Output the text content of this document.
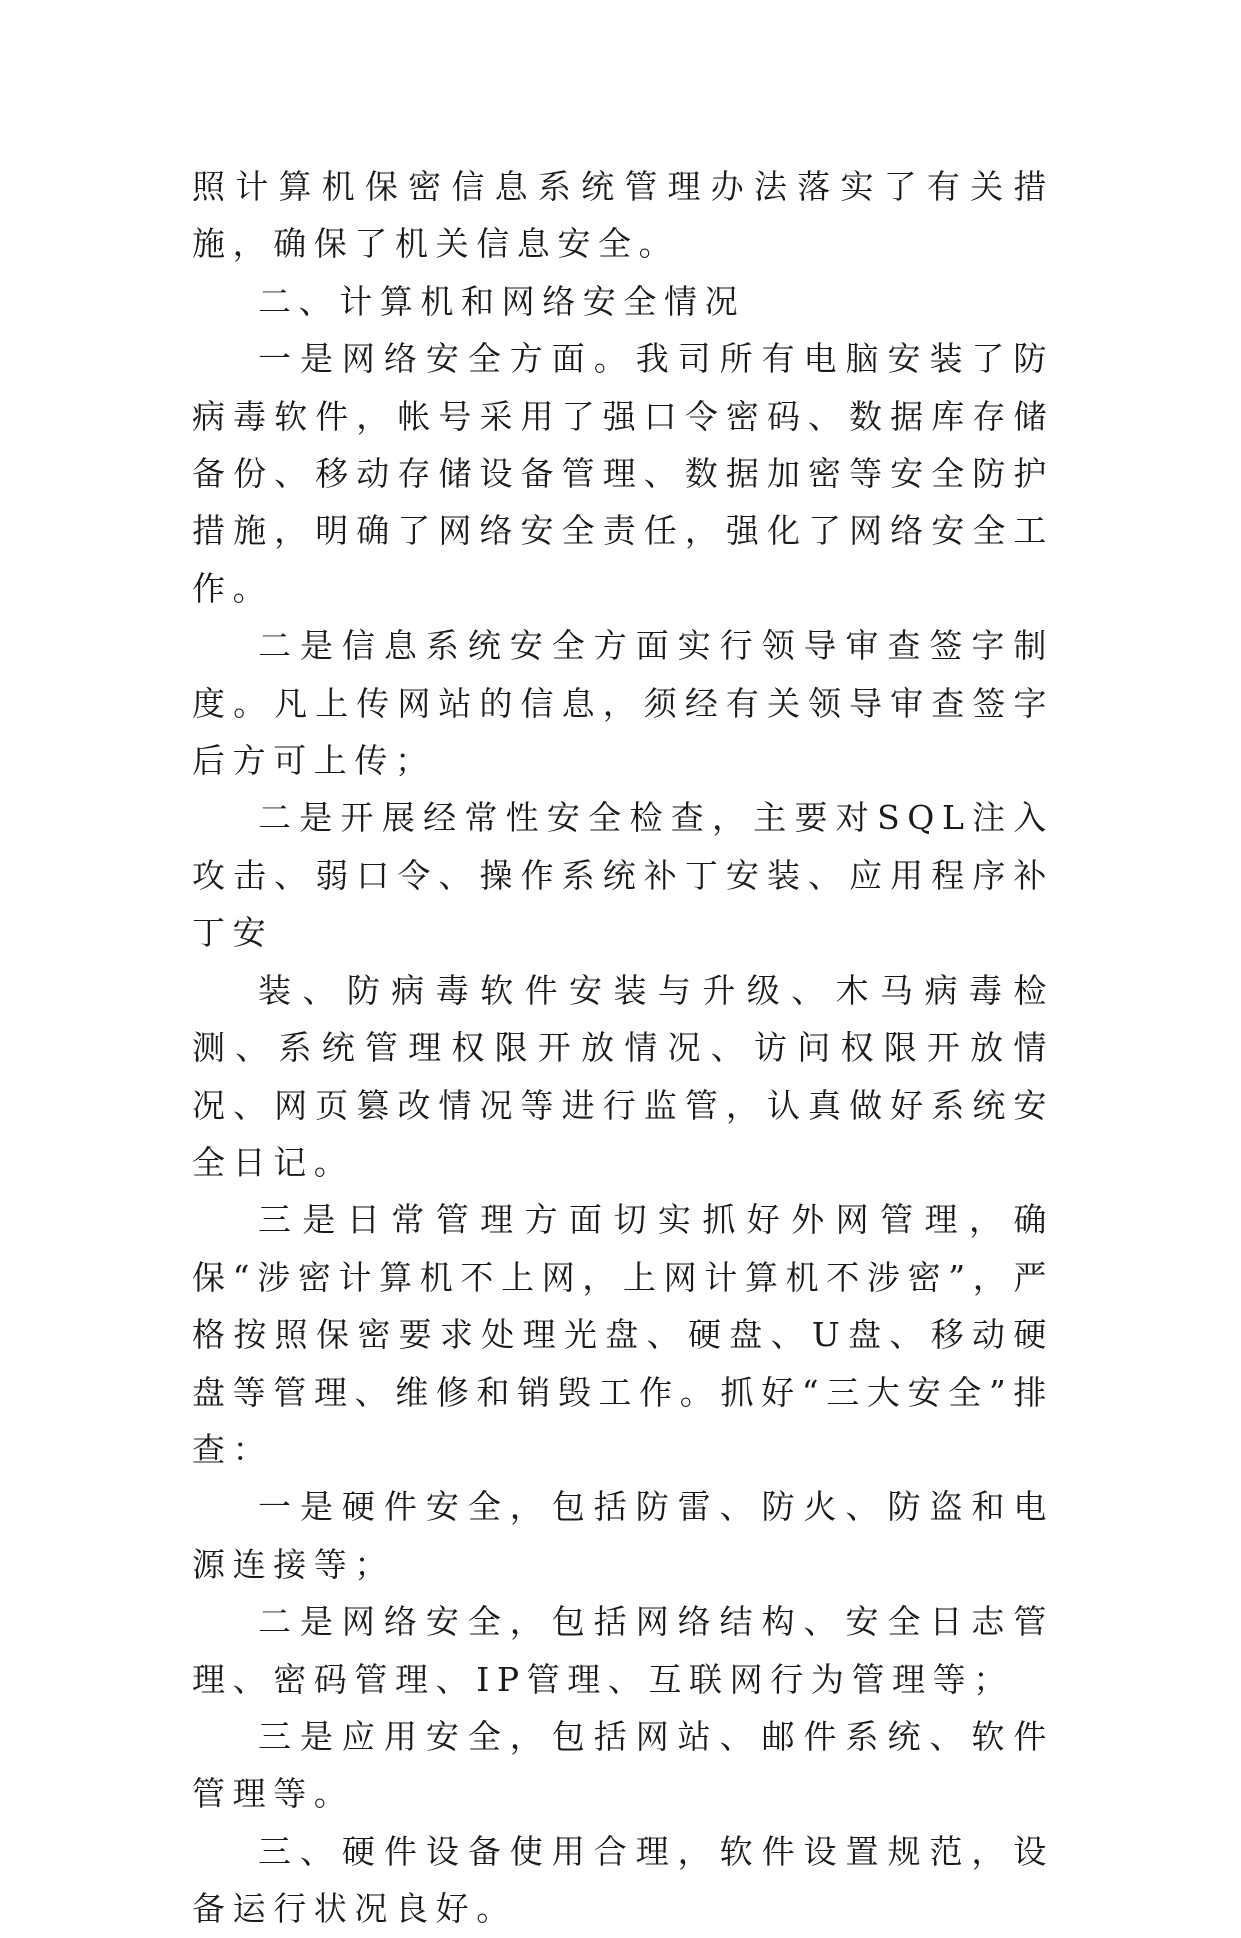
照计算机保密信息系统管理办法落实了有关措施，确保了机关信息安全。

二、计算机和网络安全情况

一是网络安全方面。我司所有电脑安装了防病毒软件，帐号采用了强口令密码、数据库存储备份、移动存储设备管理、数据加密等安全防护措施，明确了网络安全责任，强化了网络安全工作。

二是信息系统安全方面实行领导审查签字制度。凡上传网站的信息，须经有关领导审查签字后方可上传；

二是开展经常性安全检查，主要对SQL注入攻击、弱口令、操作系统补丁安装、应用程序补丁安

装、防病毒软件安装与升级、木马病毒检测、系统管理权限开放情况、访问权限开放情况、网页篡改情况等进行监管，认真做好系统安全日记。

三是日常管理方面切实抓好外网管理，确保“涉密计算机不上网，上网计算机不涉密”，严格按照保密要求处理光盘、硬盘、U盘、移动硬盘等管理、维修和销毁工作。抓好“三大安全”排查：

一是硬件安全，包括防雷、防火、防盗和电源连接等；

二是网络安全，包括网络结构、安全日志管理、密码管理、IP管理、互联网行为管理等；

三是应用安全，包括网站、邮件系统、软件管理等。

三、硬件设备使用合理，软件设置规范，设备运行状况良好。
